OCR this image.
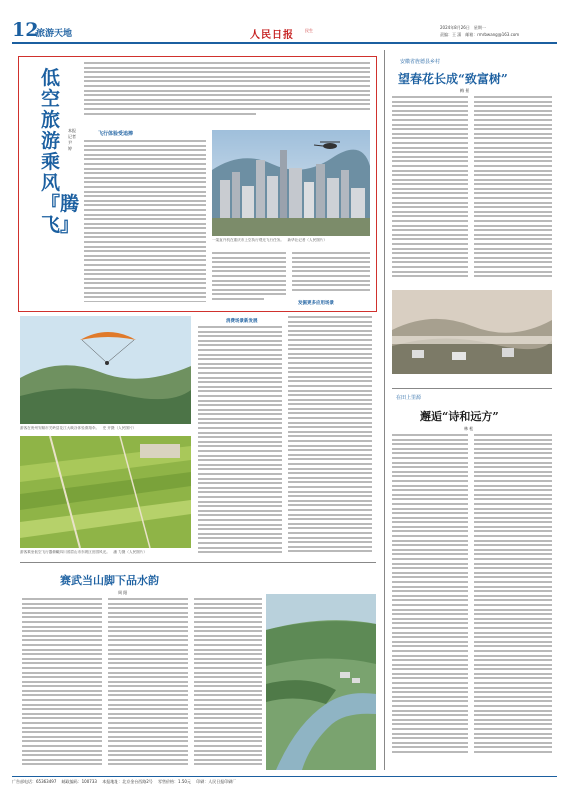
12
旅游天地	人民日报	民生
2024年8月26日　星期一
责编：王 潇　邮箱：rmrbwang@163.com
低空旅游
乘风
『腾飞』
本报记者　尹 婷
飞行体验受追捧
一架直升机在重庆市上空执行观光飞行任务。　新华社记者（人民图片）
发掘更多应用场景
游客在贵州安顺市关岭县花江大峡谷体验滑翔伞。　史 开摄（人民图片）
游客乘坐低空飞行器俯瞰四川省眉山市东坡区田园风光。　潘 力摄（人民图片）
消费场景新发展
安徽省旌德县乡村
望春花长成“致富树”
梅 景
在田上里源
邂逅“诗和远方”
林 松
赛武当山脚下品水韵
周 阳
广告部电话：65363497　 邮政编码：100733　 本报地址：北京金台西路2号　 零售价格：1.50元　 印刷：人民日报印刷厂
